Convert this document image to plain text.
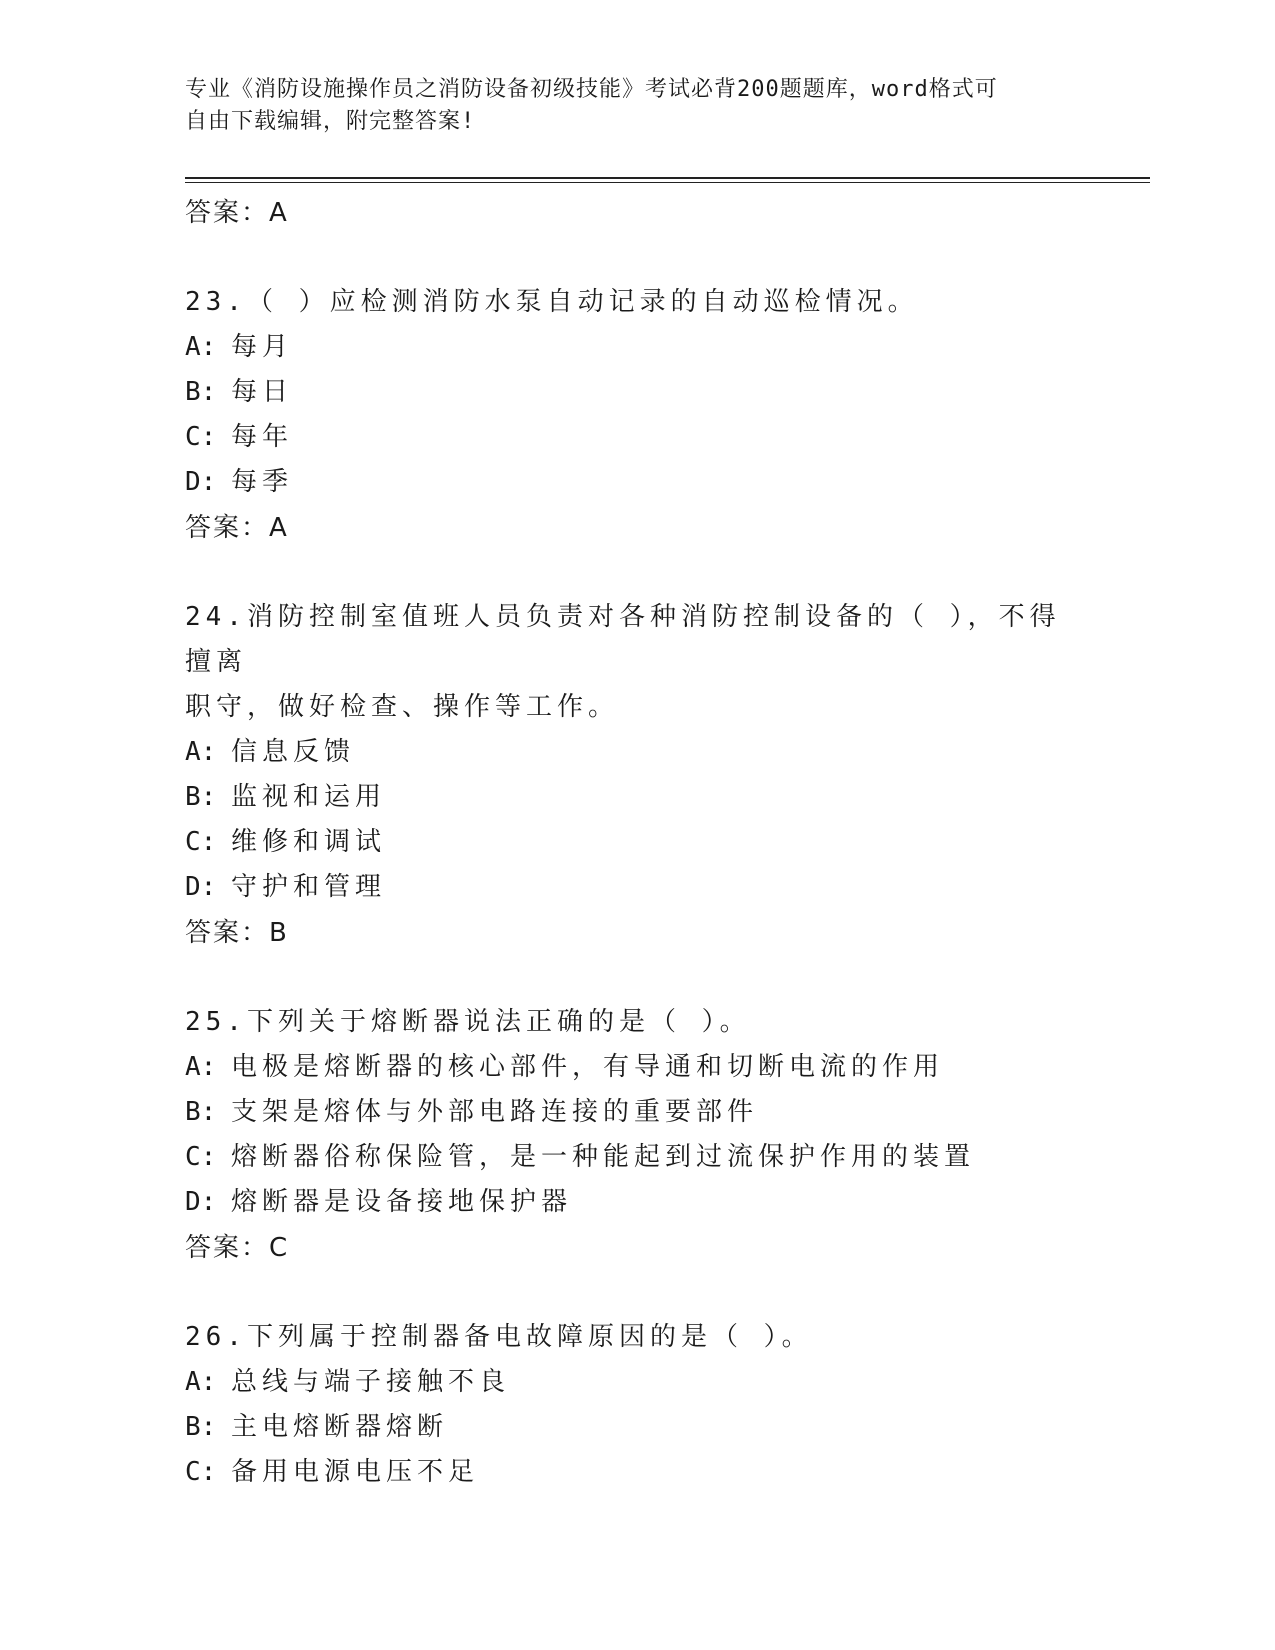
专业《消防设施操作员之消防设备初级技能》考试必背200题题库，word格式可
自由下载编辑，附完整答案!
答案：A
23.（ ）应检测消防水泵自动记录的自动巡检情况。
A: 每月
B: 每日
C: 每年
D: 每季
答案：A
24.消防控制室值班人员负责对各种消防控制设备的（ ），不得擅离
职守，做好检查、操作等工作。
A: 信息反馈
B: 监视和运用
C: 维修和调试
D: 守护和管理
答案：B
25.下列关于熔断器说法正确的是（ ）。
A: 电极是熔断器的核心部件，有导通和切断电流的作用
B: 支架是熔体与外部电路连接的重要部件
C: 熔断器俗称保险管，是一种能起到过流保护作用的装置
D: 熔断器是设备接地保护器
答案：C
26.下列属于控制器备电故障原因的是（ ）。
A: 总线与端子接触不良
B: 主电熔断器熔断
C: 备用电源电压不足
